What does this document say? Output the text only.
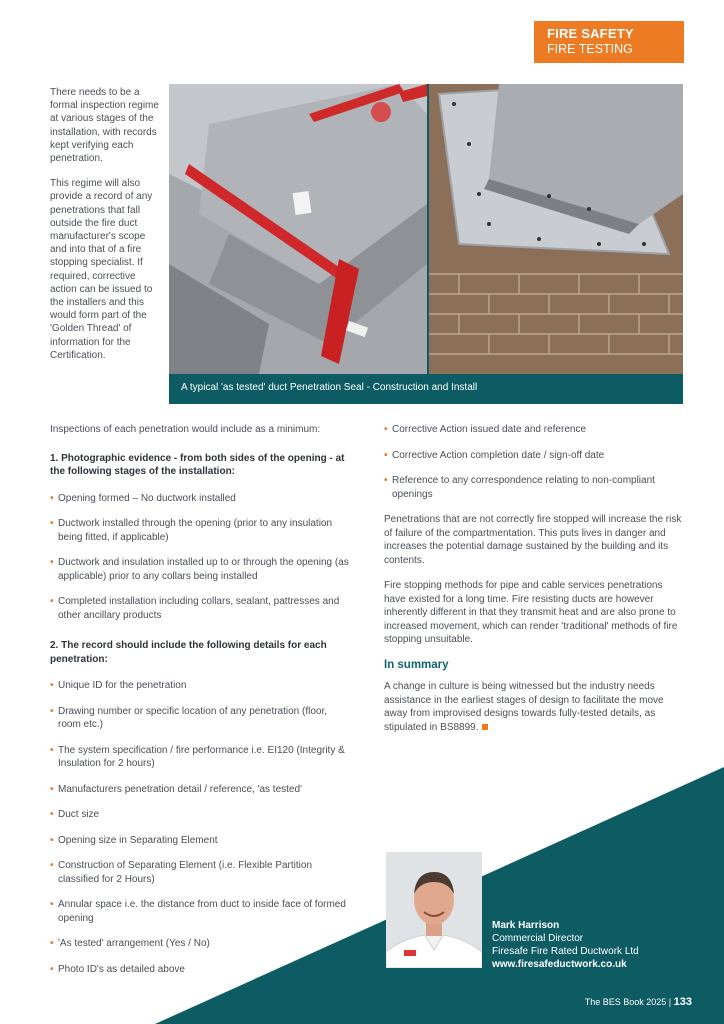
FIRE SAFETY
FIRE TESTING

There needs to be a formal inspection regime at various stages of the installation, with records kept verifying each penetration.

This regime will also provide a record of any penetrations that fall outside the fire duct manufacturer's scope and into that of a fire stopping specialist. If required, corrective action can be issued to the installers and this would form part of the 'Golden Thread' of information for the Certification.

A typical 'as tested' duct Penetration Seal - Construction and Install

Inspections of each penetration would include as a minimum:

1. Photographic evidence - from both sides of the opening - at the following stages of the installation:
• Opening formed – No ductwork installed
• Ductwork installed through the opening (prior to any insulation being fitted, if applicable)
• Ductwork and insulation installed up to or through the opening (as applicable) prior to any collars being installed
• Completed installation including collars, sealant, pattresses and other ancillary products
2. The record should include the following details for each penetration:
• Unique ID for the penetration
• Drawing number or specific location of any penetration (floor, room etc.)
• The system specification / fire performance i.e. EI120 (Integrity & Insulation for 2 hours)
• Manufacturers penetration detail / reference, 'as tested'
• Duct size
• Opening size in Separating Element
• Construction of Separating Element (i.e. Flexible Partition classified for 2 Hours)
• Annular space i.e. the distance from duct to inside face of formed opening
• 'As tested' arrangement (Yes / No)
• Photo ID's as detailed above
• Corrective Action issued date and reference
• Corrective Action completion date / sign-off date
• Reference to any correspondence relating to non-compliant openings

Penetrations that are not correctly fire stopped will increase the risk of failure of the compartmentation. This puts lives in danger and increases the potential damage sustained by the building and its contents.

Fire stopping methods for pipe and cable services penetrations have existed for a long time. Fire resisting ducts are however inherently different in that they transmit heat and are also prone to increased movement, which can render 'traditional' methods of fire stopping unsuitable.

In summary

A change in culture is being witnessed but the industry needs assistance in the earliest stages of design to facilitate the move away from improvised designs towards fully-tested details, as stipulated in BS8899.

Mark Harrison
Commercial Director
Firesafe Fire Rated Ductwork Ltd
www.firesafeductwork.co.uk
The BES Book 2025 | 133
